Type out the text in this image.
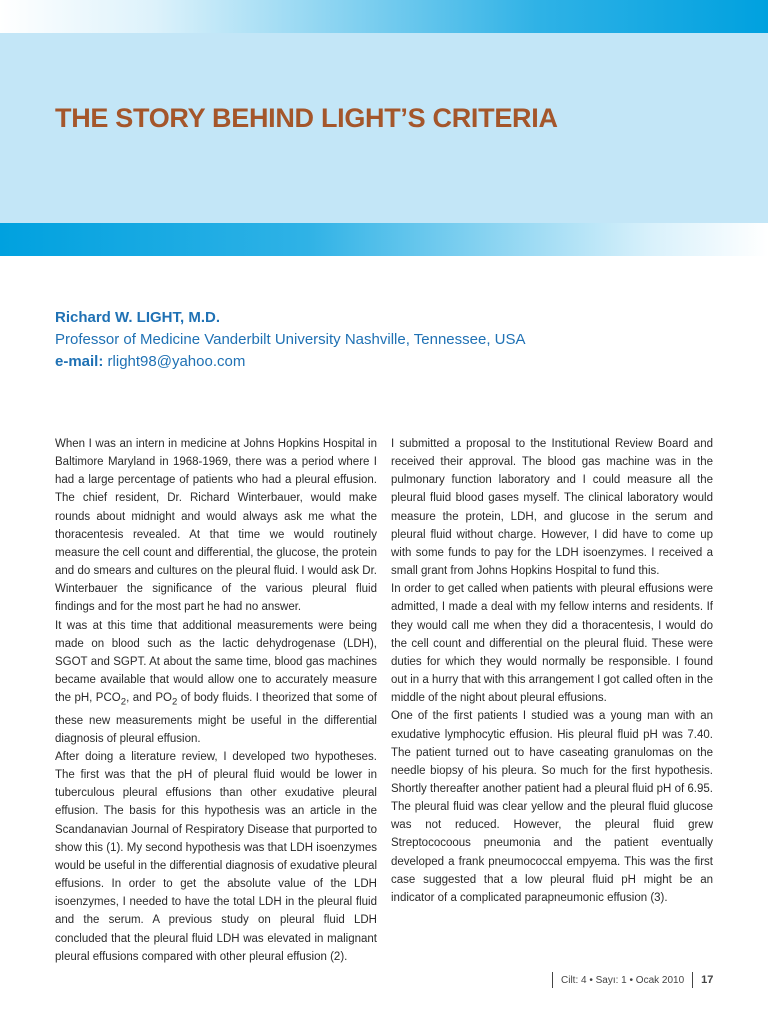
THE STORY BEHIND LIGHT’S CRITERIA
Richard W. LIGHT, M.D.
Professor of Medicine Vanderbilt University Nashville, Tennessee, USA
e-mail: rlight98@yahoo.com

When I was an intern in medicine at Johns Hopkins Hospital in Baltimore Maryland in 1968-1969, there was a period where I had a large percentage of patients who had a pleural effusion. The chief resident, Dr. Richard Winterbauer, would make rounds about midnight and would always ask me what the thoracentesis revealed. At that time we would routinely measure the cell count and differential, the glucose, the protein and do smears and cultures on the pleural fluid. I would ask Dr. Winterbauer the significance of the various pleural fluid findings and for the most part he had no answer.

It was at this time that additional measurements were being made on blood such as the lactic dehydrogenase (LDH), SGOT and SGPT. At about the same time, blood gas machines became available that would allow one to accurately measure the pH, $PCO_2$, and $PO_2$ of body fluids. I theorized that some of these new measurements might be useful in the differential diagnosis of pleural effusion.

After doing a literature review, I developed two hypotheses. The first was that the pH of pleural fluid would be lower in tuberculous pleural effusions than other exudative pleural effusion. The basis for this hypothesis was an article in the Scandanavian Journal of Respiratory Disease that purported to show this (1). My second hypothesis was that LDH isoenzymes would be useful in the differential diagnosis of exudative pleural effusions. In order to get the absolute value of the LDH isoenzymes, I needed to have the total LDH in the pleural fluid and the serum. A previous study on pleural fluid LDH concluded that the pleural fluid LDH was elevated in malignant pleural effusions compared with other pleural effusion (2).

I submitted a proposal to the Institutional Review Board and received their approval. The blood gas machine was in the pulmonary function laboratory and I could measure all the pleural fluid blood gases myself. The clinical laboratory would measure the protein, LDH, and glucose in the serum and pleural fluid without charge. However, I did have to come up with some funds to pay for the LDH isoenzymes. I received a small grant from Johns Hopkins Hospital to fund this.

In order to get called when patients with pleural effusions were admitted, I made a deal with my fellow interns and residents. If they would call me when they did a thoracentesis, I would do the cell count and differential on the pleural fluid. These were duties for which they would normally be responsible. I found out in a hurry that with this arrangement I got called often in the middle of the night about pleural effusions.

One of the first patients I studied was a young man with an exudative lymphocytic effusion. His pleural fluid pH was 7.40. The patient turned out to have caseating granulomas on the needle biopsy of his pleura. So much for the first hypothesis. Shortly thereafter another patient had a pleural fluid pH of 6.95. The pleural fluid was clear yellow and the pleural fluid glucose was not reduced. However, the pleural fluid grew Streptococoous pneumonia and the patient eventually developed a frank pneumococcal empyema. This was the first case suggested that a low pleural fluid pH might be an indicator of a complicated parapneumonic effusion (3).

Cilt: 4 • Sayı: 1 • Ocak 2010	17
